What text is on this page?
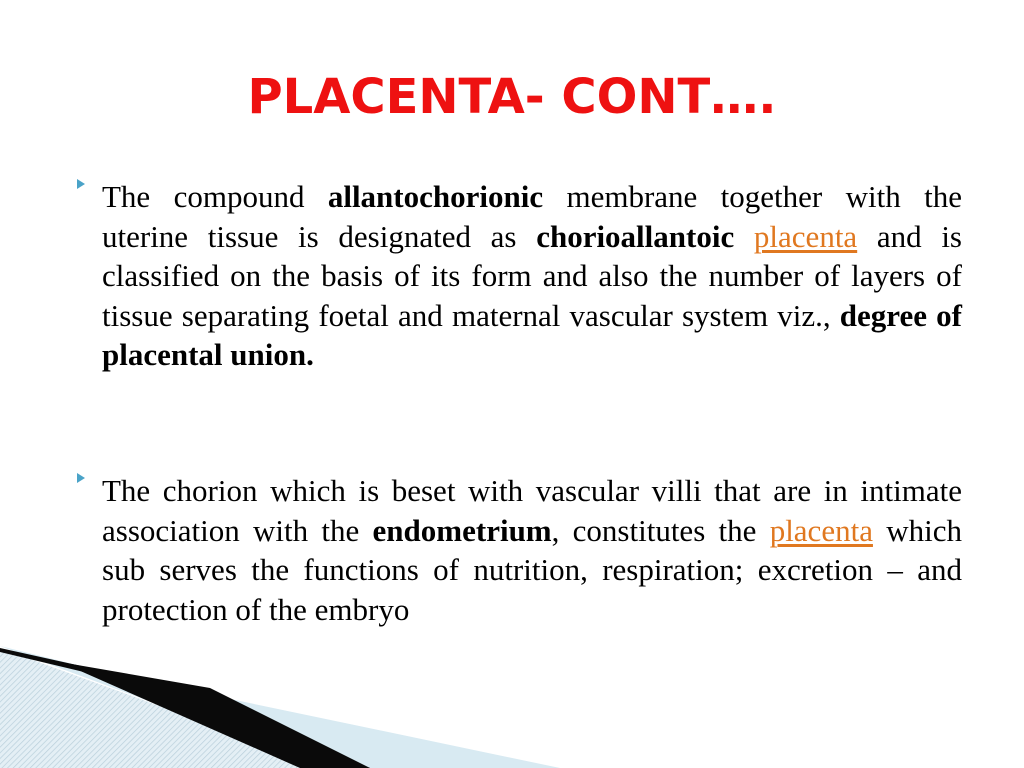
PLACENTA- CONT….

The compound allantochorionic membrane together with the uterine tissue is designated as chorioallantoic placenta and is classified on the basis of its form and also the number of layers of tissue separating foetal and maternal vascular system viz., degree of placental union.

The chorion which is beset with vascular villi that are in intimate association with the endometrium, constitutes the placenta which sub serves the functions of nutrition, respiration; excretion – and protection of the embryo
